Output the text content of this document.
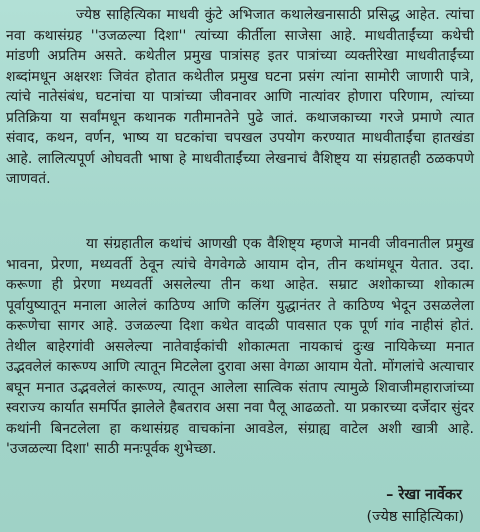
ज्येष्ठ साहित्यिका माधवी कुंटे अभिजात कथालेखनासाठी प्रसिद्ध आहेत. त्यांचा नवा कथासंग्रह ''उजळल्या दिशा'' त्यांच्या कीर्तीला साजेसा आहे. माधवीताईंच्या कथेची मांडणी अप्रतिम असते. कथेतील प्रमुख पात्रांसह इतर पात्रांच्या व्यक्तीरेखा माधवीताईंच्या शब्दांमधून अक्षरशः जिवंत होतात कथेतील प्रमुख घटना प्रसंग त्यांना सामोरी जाणारी पात्रे, त्यांचे नातेसंबंध, घटनांचा या पात्रांच्या जीवनावर आणि नात्यांवर होणारा परिणाम, त्यांच्या प्रतिक्रिया या सर्वांमधून कथानक गतीमानतेने पुढे जातं. कथाजकाच्या गरजे प्रमाणे त्यात संवाद, कथन, वर्णन, भाष्य या घटकांचा चपखल उपयोग करण्यात माधवीताईंचा हातखंडा आहे. लालित्यपूर्ण ओघवती भाषा हे माधवीताईंच्या लेखनाचं वैशिष्ट्य या संग्रहातही ठळकपणे जाणवतं.

या संग्रहातील कथांचं आणखी एक वैशिष्ट्य म्हणजे मानवी जीवनातील प्रमुख भावना, प्रेरणा, मध्यवर्ती ठेवून त्यांचे वेगवेगळे आयाम दोन, तीन कथांमधून येतात. उदा. करूणा ही प्रेरणा मध्यवर्ती असलेल्या तीन कथा आहेत. सम्राट अशोकाच्या शोकात्म पूर्वायुष्यातून मनाला आलेलं काठिण्य आणि कलिंग युद्धानंतर ते काठिण्य भेदून उसळलेला करूणेचा सागर आहे. उजळल्या दिशा कथेत वादळी पावसात एक पूर्ण गांव नाहीसं होतं. तेथील बाहेरगांवी असलेल्या नातेवाईकांची शोकात्मता नायकाचं दुःख नायिकेच्या मनात उद्भवलेलं कारूण्य आणि त्यातून मिटलेला दुरावा असा वेगळा आयाम येतो. मोंगलांचे अत्याचार बघून मनात उद्भवलेलं कारूण्य, त्यातून आलेला सात्विक संताप त्यामुळे शिवाजीमहाराजांच्या स्वराज्य कार्यात समर्पित झालेले हैबतराव असा नवा पैलू आढळतो. या प्रकारच्या दर्जेदार सुंदर कथांनी बिनटलेला हा कथासंग्रह वाचकांना आवडेल, संग्राह्य वाटेल अशी खात्री आहे. 'उजळल्या दिशा' साठी मनःपूर्वक शुभेच्छा.

– रेखा नार्वेकर

(ज्येष्ठ साहित्यिका)
